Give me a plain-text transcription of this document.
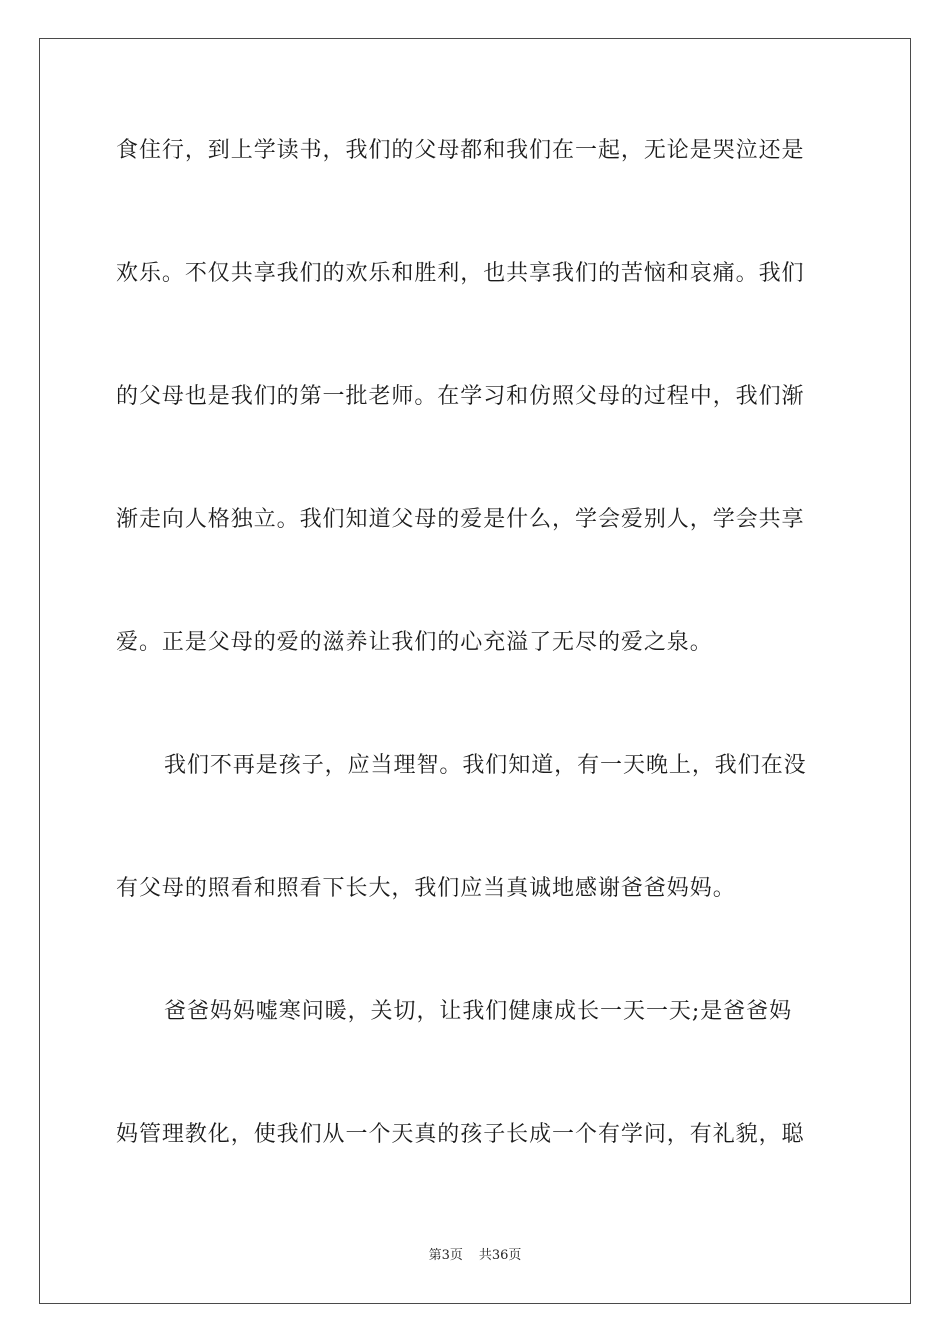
食住行，到上学读书，我们的父母都和我们在一起，无论是哭泣还是
欢乐。不仅共享我们的欢乐和胜利，也共享我们的苦恼和哀痛。我们
的父母也是我们的第一批老师。在学习和仿照父母的过程中，我们渐
渐走向人格独立。我们知道父母的爱是什么，学会爱别人，学会共享
爱。正是父母的爱的滋养让我们的心充溢了无尽的爱之泉。
我们不再是孩子，应当理智。我们知道，有一天晚上，我们在没
有父母的照看和照看下长大，我们应当真诚地感谢爸爸妈妈。
爸爸妈妈嘘寒问暖，关切，让我们健康成长一天一天;是爸爸妈
妈管理教化，使我们从一个天真的孩子长成一个有学问，有礼貌，聪
第3页 共36页
